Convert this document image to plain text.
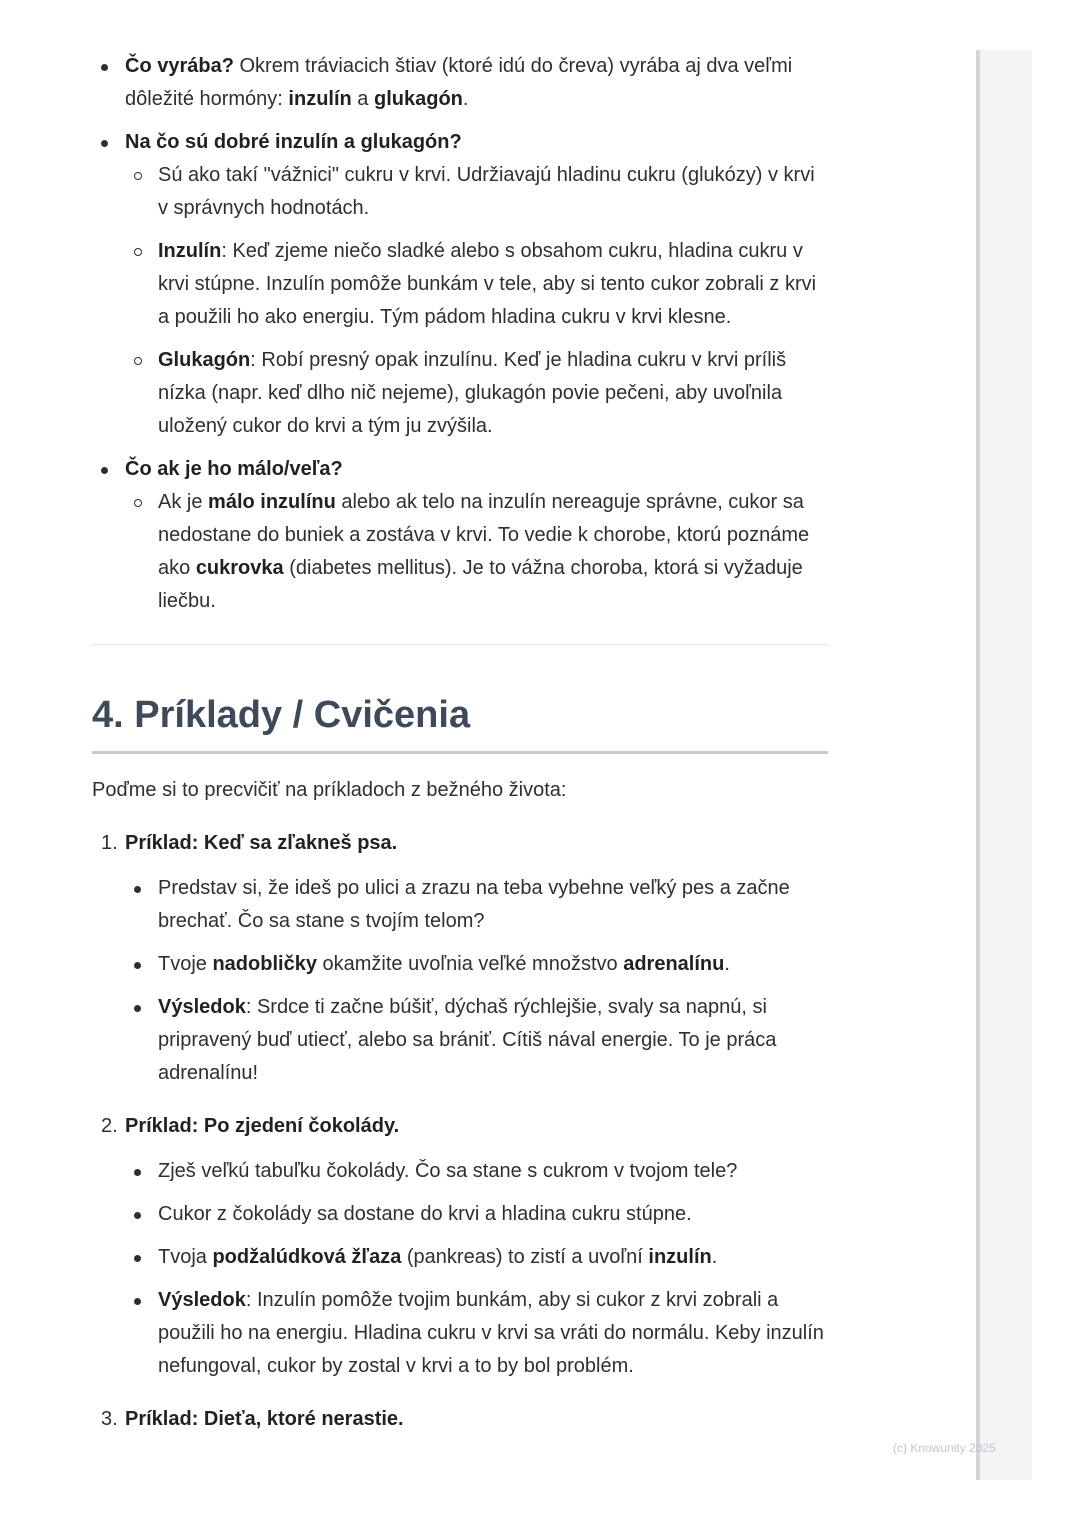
Čo vyrába? Okrem tráviacich štiav (ktoré idú do čreva) vyrába aj dva veľmi dôležité hormóny: inzulín a glukagón.

Na čo sú dobré inzulín a glukagón?

Sú ako takí "vážnici" cukru v krvi. Udržiavajú hladinu cukru (glukózy) v krvi v správnych hodnotách.
Inzulín: Keď zjeme niečo sladké alebo s obsahom cukru, hladina cukru v krvi stúpne. Inzulín pomôže bunkám v tele, aby si tento cukor zobrali z krvi a použili ho ako energiu. Tým pádom hladina cukru v krvi klesne.
Glukagón: Robí presný opak inzulínu. Keď je hladina cukru v krvi príliš nízka (napr. keď dlho nič nejeme), glukagón povie pečeni, aby uvoľnila uložený cukor do krvi a tým ju zvýšila.

Čo ak je ho málo/veľa?

Ak je málo inzulínu alebo ak telo na inzulín nereaguje správne, cukor sa nedostane do buniek a zostáva v krvi. To vedie k chorobe, ktorú poznáme ako cukrovka (diabetes mellitus). Je to vážna choroba, ktorá si vyžaduje liečbu.
4. Príklady / Cvičenia

Poďme si to precvičiť na príkladoch z bežného života:

1. Príklad: Keď sa zľakneš psa.

Predstav si, že ideš po ulici a zrazu na teba vybehne veľký pes a začne brechať. Čo sa stane s tvojím telom?
Tvoje nadobličky okamžite uvoľnia veľké množstvo adrenalínu.
Výsledok: Srdce ti začne búšiť, dýchaš rýchlejšie, svaly sa napnú, si pripravený buď utiecť, alebo sa brániť. Cítiš nával energie. To je práca adrenalínu!
2. Príklad: Po zjedení čokolády.

Zješ veľkú tabuľku čokolády. Čo sa stane s cukrom v tvojom tele?
Cukor z čokolády sa dostane do krvi a hladina cukru stúpne.
Tvoja podžalúdková žľaza (pankreas) to zistí a uvoľní inzulín.
Výsledok: Inzulín pomôže tvojim bunkám, aby si cukor z krvi zobrali a použili ho na energiu. Hladina cukru v krvi sa vráti do normálu. Keby inzulín nefungoval, cukor by zostal v krvi a to by bol problém.
3. Príklad: Dieťa, ktoré nerastie.

(c) Knowunity 2025
